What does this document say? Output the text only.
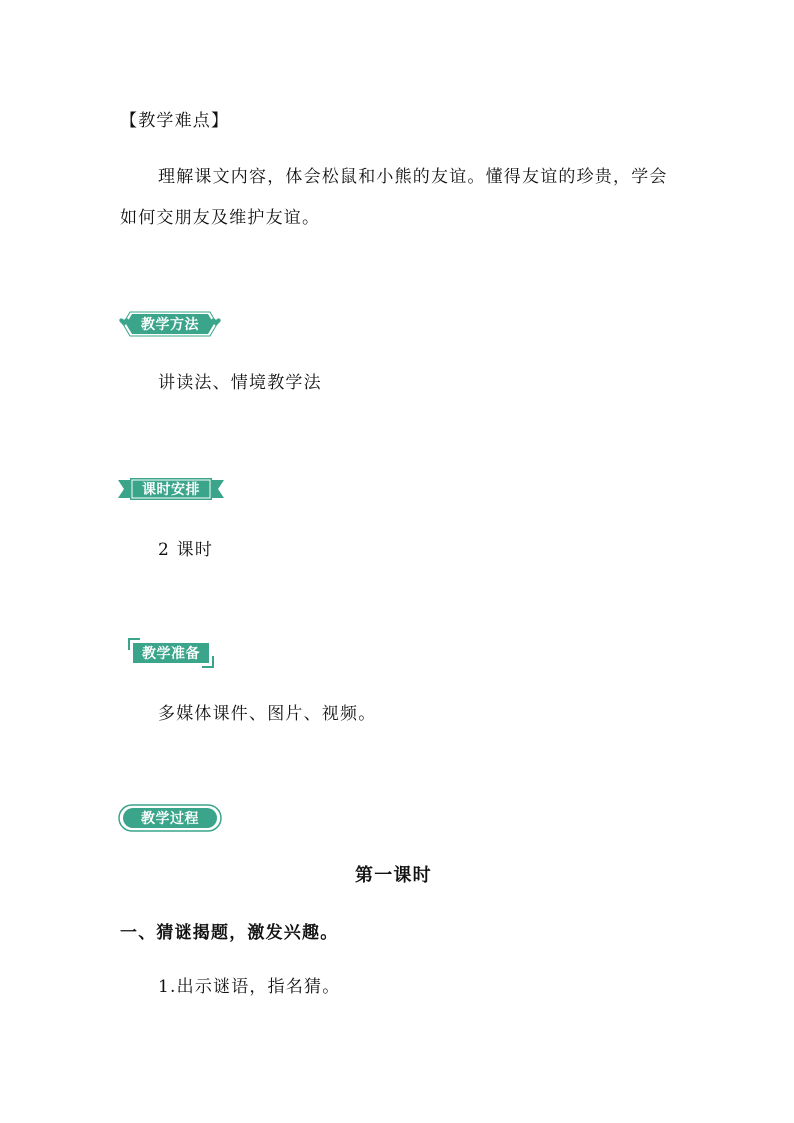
【教学难点】
理解课文内容，体会松鼠和小熊的友谊。懂得友谊的珍贵，学会
如何交朋友及维护友谊。
教学方法
讲读法、情境教学法
课时安排
2 课时
教学准备
多媒体课件、图片、视频。
教学过程
第一课时
一、猜谜揭题，激发兴趣。
1.出示谜语，指名猜。
